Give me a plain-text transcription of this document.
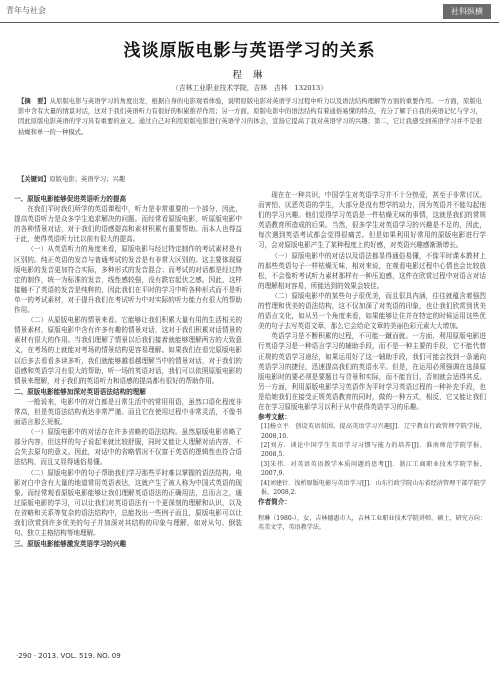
青年与社会	社科纵横
浅谈原版电影与英语学习的关系
程 琳
（吉林工业职业技术学院，吉林　吉林　132013）
【摘　要】从原版电影与英语学习的角度出发，根据自身的电影观看体验，说明原版电影对英语学习过程中听力以及语法结构理解等方面的重要作用。一方面，原版电影中含有大量的情景对话，这对于我们英语听力有很好的积累推荐作用；另一方面，原版电影中的语法结构有着通俗易懂的特点，充分了解于自我的英语记忆与学习，因此原版电影英语的学习具有重要的意义。通过自己对利用原版电影进行英语学习的体会，宣扬它提高了我对英语学习的兴趣；第二，它让我感受到英语学习并不是很枯燥和单一的一种模式。
【关键词】原版电影；英语学习；兴趣

一、原版电影能够促进英语听力的提高

在我们平时我们所学的英语课程中，听力是非常重要的一个部分，因此，提高英语听力是众多学生追求解决的问题。而经常看原版电影，听原版电影中的各种情景对话，对于我们的语感提高和素材积累有重要帮助。而本人也得益于此，使得英语听力比以前有很大的提高。

（一）从英语听力的角度来看，原版电影与经过特定制作的考试素材是有区别的。纯正英语的发音与普通考试的发音是有非常大区别的。这主要体现原版电影的发音更加符合实际，多种形式的发音混合；而考试的对话都是经过特定的制作，统一为标准的发音，线性感较强，没有跌宕起伏之感。因此，这样接触不了英语的发音是纯粹的，因此我们在平时的学习中听各种形式而不是听单一的考试素材，对于提升我们在考试听力中对实际的听力能力有很大的帮助作用。

（二）从原版电影的情景来看。它能够让我们积累大量有用的生活相关的情景素材，原版电影中含有许多有趣的情景对话，这对于我们积累对话情景的素材有很大的作用。当我们理解了情景以后我们接着就能够理解两方的大致意义，在考场的上就能对考场的情景结构更容易理解。如果我们在看完原版电影以后多去看看多读多听，我们就能够越看越理解当中的情景对话，对于我们的语感和英语学习有很大的帮助，听一场的英语对话，我们可以依照原版电影的情景来理解，对于我们的英语听力和语感的提高都有很好的帮助作用。

二、原版电影能够加深对英语语法结构的理解

一般说来，电影中的对白都是日常生活中的常用用语，虽然口语化程度非常高，但是英语法结构表达非常严谨。而且它在使用过程中非常灵活，不像书面语言那么死板。

（一）原版电影中的对话存在许多省略的语法结构。虽然原版电影省略了部分内容，但这样的句子说起来就比较舒服，同时又能让人理解对话内容，不会失去原句的意义。因此，对话中的省略情况不仅富于英语的逻辑性也符合语法结构，而且又显得通俗易懂。

（二）原版电影中的句子帮助我们学习那些平时难以掌握的语法结构。电影对白中含有大量的地道常用英语表达，这就产生了被人称为中国式英语的现象。而经常观看原版电影能够让我们理解英语语法的正确用法，总而言之，通过原版电影的学习，可以让我们对英语语法有一个更深刻的理解和认识，以及在省略和关系等复杂的语法结构中，总能找出一些例子而且，原版电影可以让我们欣赏到许多优美的句子并加深对其结构的印象与理解，如对从句、倒装句、独立主格结构等地理解。

三、原版电影能够激发英语学习的兴趣

现在在一种共识，中国学生对英语学习并不十分热爱，甚至于非常讨厌。而害怕、厌恶英语的学生，大部分是没有想学的动力，因为英语并不能勾起他们的学习兴趣。他们觉得学习英语是一件枯燥无味的事情，这就是我们的常规英语教育所造成的后果。当然，很多学生对英语学习的兴趣是不足的，因此，每次遇到英语考试都会觉得很痛苦。但是如果利用好常用的原版电影进行学习，会对原版电影产生了某种程度上的好感，对英语兴趣感渐渐增长。

（一）原版电影中的对话以及语法都显得通俗易懂，不像平时课本教材上的那些英语句子一样枯燥无味，相对来说，在观看电影过程中心情也会比较放松，不会像听考试听力素材那样有一种压迫感，这件在欣赏过程中对语言对话的理解相对容易，所能达到的效果会较佳。

（二）原版电影中的某些句子很优美，而且很具内涵，往往就蕴含着强烈的哲理和优美的语法结构，这不仅加深了对英语的印象，也让我们欣赏到优美的语言文化，如从另一个角度来看，如果能够让住并在特定的时候运用这些优美的句子去写英语文章，那么它会给论文章的美丽色彩元素大大增加。

英语学习是不断积累的过程，不可能一蹴而就。一方面，利用原版电影进行英语学习是一种语言学习的辅助手段，而不是一种主要的手段，它不能代替正规的英语学习途径，如果运用好了这一辅助手段，我们可能会找到一条通向英语学习的捷径，迅速提高我们的英语水平。但是，在运用必须强调在选择原版电影时的要必须是要题目与背景和实际，而不能盲目，否则就会适得其反。另一方面，利用原版电影学习英语作为平时学习英语过程的一种补充手段，也是给她我们在接受正规英语教育的同时，做的一种方式，相反，它又能让我们在在学习原版电影学习以利于从中获得英语学习的乐趣。

参考文献：

[1]杨立平．创设英语氛围，提高英语学习兴趣[J]．辽宁教育行政管理学院学报，2008,10．

[2]刘方．谈论中国学生英语学习习惯与能力的培养[J]．淮南师范学院学报，2008,5．

[3]朱伟．对英语英语教学本质问题的思考[J]．浙江工商职业技术学院学报，2007,9．

[4]刘建针．浅析原版电影与英语学习[J]．山东行政学院山东省经济管理干部学院学报，2008,2．

作者简介：

程琳（1980-），女，吉林德惠市人，吉林工业职业技术学院讲师，硕士，研究方向：英美文学，英语教学法。

·290 · 2013. VOL. 519. NO. 09
